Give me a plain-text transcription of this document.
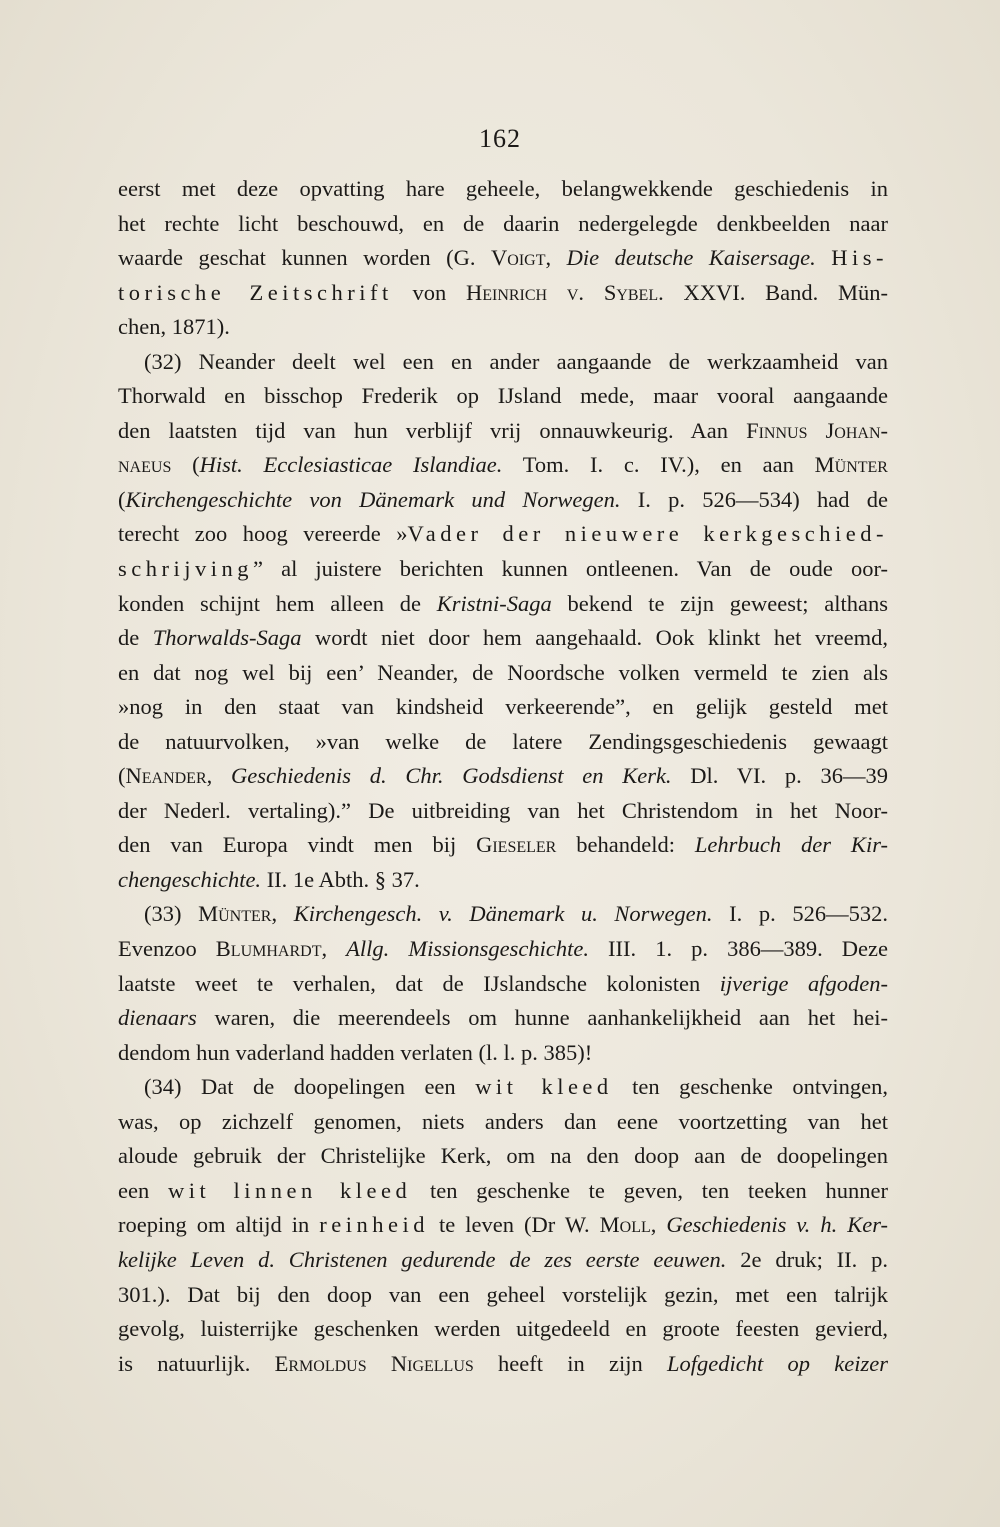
162
eerst met deze opvatting hare geheele, belangwekkende geschiedenis in
het rechte licht beschouwd, en de daarin nedergelegde denkbeelden naar
waarde geschat kunnen worden (G. Voigt, Die deutsche Kaisersage. His-
torische Zeitschrift von Heinrich v. Sybel. XXVI. Band. Mün-
chen, 1871).
(32) Neander deelt wel een en ander aangaande de werkzaamheid van
Thorwald en bisschop Frederik op IJsland mede, maar vooral aangaande
den laatsten tijd van hun verblijf vrij onnauwkeurig. Aan Finnus Johan-
naeus (Hist. Ecclesiasticae Islandiae. Tom. I. c. IV.), en aan Münter
(Kirchengeschichte von Dänemark und Norwegen. I. p. 526—534) had de
terecht zoo hoog vereerde »Vader der nieuwere kerkgeschied-
schrijving” al juistere berichten kunnen ontleenen. Van de oude oor-
konden schijnt hem alleen de Kristni-Saga bekend te zijn geweest; althans
de Thorwalds-Saga wordt niet door hem aangehaald. Ook klinkt het vreemd,
en dat nog wel bij een’ Neander, de Noordsche volken vermeld te zien als
»nog in den staat van kindsheid verkeerende”, en gelijk gesteld met
de natuurvolken, »van welke de latere Zendingsgeschiedenis gewaagt
(Neander, Geschiedenis d. Chr. Godsdienst en Kerk. Dl. VI. p. 36—39
der Nederl. vertaling).” De uitbreiding van het Christendom in het Noor-
den van Europa vindt men bij Gieseler behandeld: Lehrbuch der Kir-
chengeschichte. II. 1e Abth. § 37.
(33) Münter, Kirchengesch. v. Dänemark u. Norwegen. I. p. 526—532.
Evenzoo Blumhardt, Allg. Missionsgeschichte. III. 1. p. 386—389. Deze
laatste weet te verhalen, dat de IJslandsche kolonisten ijverige afgoden-
dienaars waren, die meerendeels om hunne aanhankelijkheid aan het hei-
dendom hun vaderland hadden verlaten (l. l. p. 385)!
(34) Dat de doopelingen een wit kleed ten geschenke ontvingen,
was, op zichzelf genomen, niets anders dan eene voortzetting van het
aloude gebruik der Christelijke Kerk, om na den doop aan de doopelingen
een wit linnen kleed ten geschenke te geven, ten teeken hunner
roeping om altijd in reinheid te leven (Dr W. Moll, Geschiedenis v. h. Ker-
kelijke Leven d. Christenen gedurende de zes eerste eeuwen. 2e druk; II. p.
301.). Dat bij den doop van een geheel vorstelijk gezin, met een talrijk
gevolg, luisterrijke geschenken werden uitgedeeld en groote feesten gevierd,
is natuurlijk. Ermoldus Nigellus heeft in zijn Lofgedicht op keizer
